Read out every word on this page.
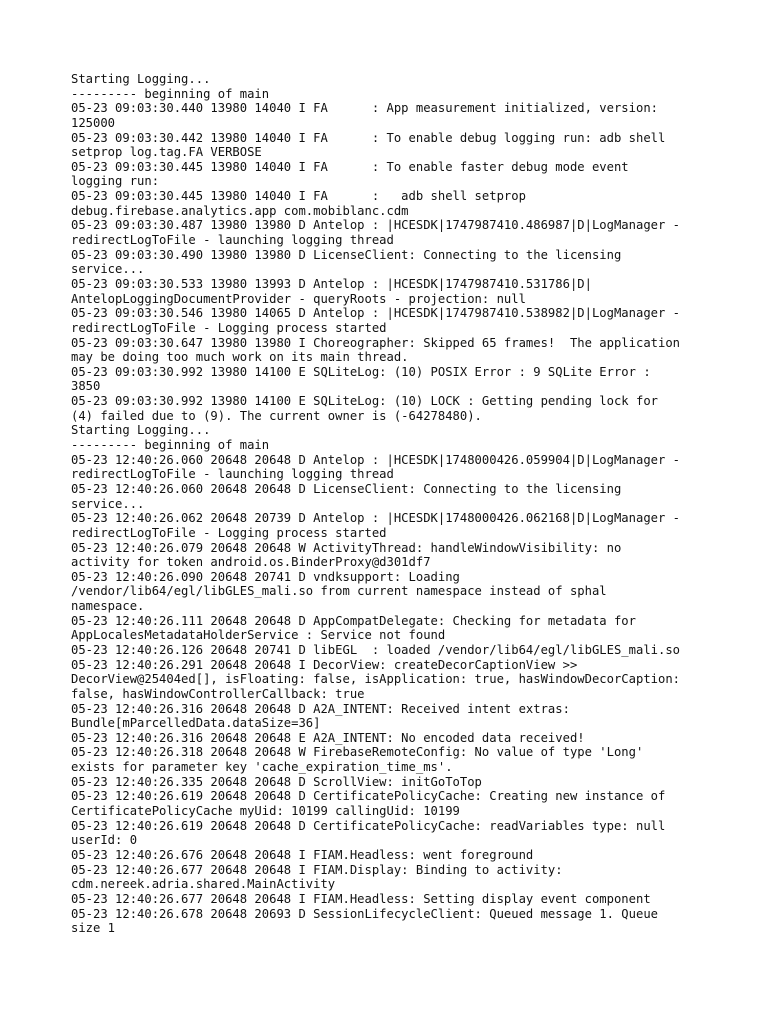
Starting Logging...
--------- beginning of main
05-23 09:03:30.440 13980 14040 I FA      : App measurement initialized, version:
125000
05-23 09:03:30.442 13980 14040 I FA      : To enable debug logging run: adb shell
setprop log.tag.FA VERBOSE
05-23 09:03:30.445 13980 14040 I FA      : To enable faster debug mode event
logging run:
05-23 09:03:30.445 13980 14040 I FA      :   adb shell setprop
debug.firebase.analytics.app com.mobiblanc.cdm
05-23 09:03:30.487 13980 13980 D Antelop : |HCESDK|1747987410.486987|D|LogManager -
redirectLogToFile - launching logging thread
05-23 09:03:30.490 13980 13980 D LicenseClient: Connecting to the licensing
service...
05-23 09:03:30.533 13980 13993 D Antelop : |HCESDK|1747987410.531786|D|
AntelopLoggingDocumentProvider - queryRoots - projection: null
05-23 09:03:30.546 13980 14065 D Antelop : |HCESDK|1747987410.538982|D|LogManager -
redirectLogToFile - Logging process started
05-23 09:03:30.647 13980 13980 I Choreographer: Skipped 65 frames!  The application
may be doing too much work on its main thread.
05-23 09:03:30.992 13980 14100 E SQLiteLog: (10) POSIX Error : 9 SQLite Error :
3850
05-23 09:03:30.992 13980 14100 E SQLiteLog: (10) LOCK : Getting pending lock for
(4) failed due to (9). The current owner is (-64278480).
Starting Logging...
--------- beginning of main
05-23 12:40:26.060 20648 20648 D Antelop : |HCESDK|1748000426.059904|D|LogManager -
redirectLogToFile - launching logging thread
05-23 12:40:26.060 20648 20648 D LicenseClient: Connecting to the licensing
service...
05-23 12:40:26.062 20648 20739 D Antelop : |HCESDK|1748000426.062168|D|LogManager -
redirectLogToFile - Logging process started
05-23 12:40:26.079 20648 20648 W ActivityThread: handleWindowVisibility: no
activity for token android.os.BinderProxy@d301df7
05-23 12:40:26.090 20648 20741 D vndksupport: Loading
/vendor/lib64/egl/libGLES_mali.so from current namespace instead of sphal
namespace.
05-23 12:40:26.111 20648 20648 D AppCompatDelegate: Checking for metadata for
AppLocalesMetadataHolderService : Service not found
05-23 12:40:26.126 20648 20741 D libEGL  : loaded /vendor/lib64/egl/libGLES_mali.so
05-23 12:40:26.291 20648 20648 I DecorView: createDecorCaptionView >>
DecorView@25404ed[], isFloating: false, isApplication: true, hasWindowDecorCaption:
false, hasWindowControllerCallback: true
05-23 12:40:26.316 20648 20648 D A2A_INTENT: Received intent extras:
Bundle[mParcelledData.dataSize=36]
05-23 12:40:26.316 20648 20648 E A2A_INTENT: No encoded data received!
05-23 12:40:26.318 20648 20648 W FirebaseRemoteConfig: No value of type 'Long'
exists for parameter key 'cache_expiration_time_ms'.
05-23 12:40:26.335 20648 20648 D ScrollView: initGoToTop
05-23 12:40:26.619 20648 20648 D CertificatePolicyCache: Creating new instance of
CertificatePolicyCache myUid: 10199 callingUid: 10199
05-23 12:40:26.619 20648 20648 D CertificatePolicyCache: readVariables type: null
userId: 0
05-23 12:40:26.676 20648 20648 I FIAM.Headless: went foreground
05-23 12:40:26.677 20648 20648 I FIAM.Display: Binding to activity:
cdm.nereek.adria.shared.MainActivity
05-23 12:40:26.677 20648 20648 I FIAM.Headless: Setting display event component
05-23 12:40:26.678 20648 20693 D SessionLifecycleClient: Queued message 1. Queue
size 1
